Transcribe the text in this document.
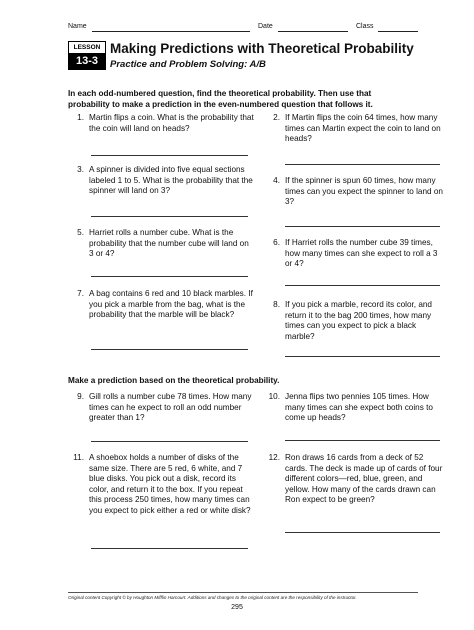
Name	Date	Class
LESSON
13-3
Making Predictions with Theoretical Probability
Practice and Problem Solving: A/B
In each odd-numbered question, find the theoretical probability. Then use that probability to make a prediction in the even-numbered question that follows it.
1. Martin flips a coin. What is the probability that the coin will land on heads?
2. If Martin flips the coin 64 times, how many times can Martin expect the coin to land on heads?
3. A spinner is divided into five equal sections labeled 1 to 5. What is the probability that the spinner will land on 3?
4. If the spinner is spun 60 times, how many times can you expect the spinner to land on 3?
5. Harriet rolls a number cube. What is the probability that the number cube will land on 3 or 4?
6. If Harriet rolls the number cube 39 times, how many times can she expect to roll a 3 or 4?
7. A bag contains 6 red and 10 black marbles. If you pick a marble from the bag, what is the probability that the marble will be black?
8. If you pick a marble, record its color, and return it to the bag 200 times, how many times can you expect to pick a black marble?
Make a prediction based on the theoretical probability.
9. Gill rolls a number cube 78 times. How many times can he expect to roll an odd number greater than 1?
10. Jenna flips two pennies 105 times. How many times can she expect both coins to come up heads?
11. A shoebox holds a number of disks of the same size. There are 5 red, 6 white, and 7 blue disks. You pick out a disk, record its color, and return it to the box. If you repeat this process 250 times, how many times can you expect to pick either a red or white disk?
12. Ron draws 16 cards from a deck of 52 cards. The deck is made up of cards of four different colors—red, blue, green, and yellow. How many of the cards drawn can Ron expect to be green?
Original content Copyright © by Houghton Mifflin Harcourt. Additions and changes to the original content are the responsibility of the instructor.
295
